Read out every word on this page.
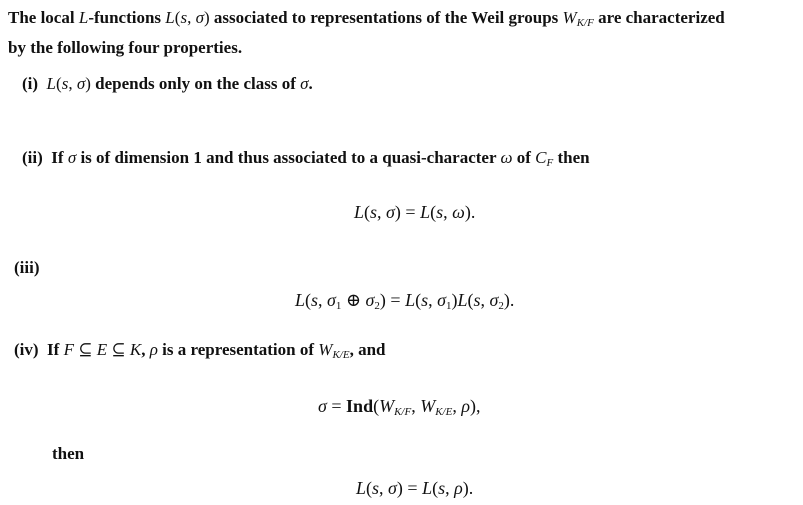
The local L-functions L(s, σ) associated to representations of the Weil groups $W_{K/F}$ are characterized
by the following four properties.
(i) L(s, σ) depends only on the class of σ.
(ii)  If σ is of dimension 1 and thus associated to a quasi-character ω of $C_F$ then
L(s, σ) = L(s, ω).
(iii)
L(s, $\sigma_1$ ⊕ $\sigma_2) = L(s$, $\sigma_1)L(s$, $\sigma_2$).
(iv)  If F ⊆ E ⊆ K, ρ is a representation of $W_{K/E}$, and
$\sigma = Ind(W_{K/F}$, $W_{K/E}$, ρ),
then
L(s, σ) = L(s, ρ).
